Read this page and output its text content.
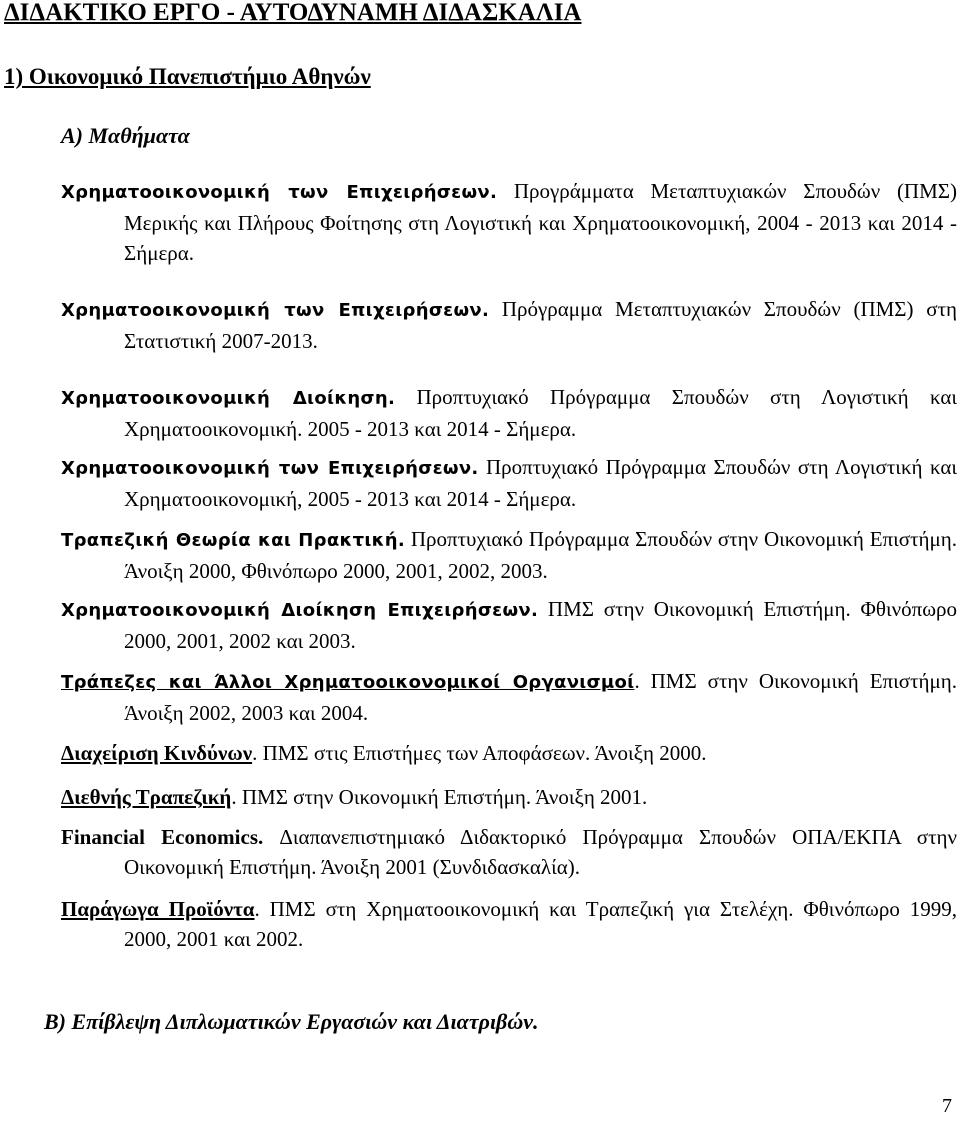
ΔΙΔΑΚΤΙΚΟ ΕΡΓΟ - ΑΥΤΟΔΥΝΑΜΗ ΔΙΔΑΣΚΑΛΙΑ
1) Οικονομικό Πανεπιστήμιο Αθηνών
Α) Μαθήματα

Χρηματοοικονομική των Επιχειρήσεων. Προγράμματα Μεταπτυχιακών Σπουδών (ΠΜΣ) Μερικής και Πλήρους Φοίτησης στη Λογιστική και Χρηματοοικονομική, 2004 - 2013 και 2014 - Σήμερα.

Χρηματοοικονομική των Επιχειρήσεων. Πρόγραμμα Μεταπτυχιακών Σπουδών (ΠΜΣ) στη Στατιστική 2007-2013.

Χρηματοοικονομική Διοίκηση. Προπτυχιακό Πρόγραμμα Σπουδών στη Λογιστική και Χρηματοοικονομική. 2005 - 2013 και 2014 - Σήμερα.

Χρηματοοικονομική των Επιχειρήσεων. Προπτυχιακό Πρόγραμμα Σπουδών στη Λογιστική και Χρηματοοικονομική, 2005 - 2013 και 2014 - Σήμερα.

Τραπεζική Θεωρία και Πρακτική. Προπτυχιακό Πρόγραμμα Σπουδών στην Οικονομική Επιστήμη. Άνοιξη 2000, Φθινόπωρο 2000, 2001, 2002, 2003.

Χρηματοοικονομική Διοίκηση Επιχειρήσεων. ΠΜΣ στην Οικονομική Επιστήμη. Φθινόπωρο 2000, 2001, 2002 και 2003.

Τράπεζες και Άλλοι Χρηματοοικονομικοί Οργανισμοί. ΠΜΣ στην Οικονομική Επιστήμη. Άνοιξη 2002, 2003 και 2004.

Διαχείριση Κινδύνων. ΠΜΣ στις Επιστήμες των Αποφάσεων. Άνοιξη 2000.

Διεθνής Τραπεζική. ΠΜΣ στην Οικονομική Επιστήμη. Άνοιξη 2001.

Financial Economics. Διαπανεπιστημιακό Διδακτορικό Πρόγραμμα Σπουδών ΟΠΑ/ΕΚΠΑ στην Οικονομική Επιστήμη. Άνοιξη 2001 (Συνδιδασκαλία).

Παράγωγα Προϊόντα. ΠΜΣ στη Χρηματοοικονομική και Τραπεζική για Στελέχη. Φθινόπωρο 1999, 2000, 2001 και 2002.

Β) Επίβλεψη Διπλωματικών Εργασιών και Διατριβών.

7
